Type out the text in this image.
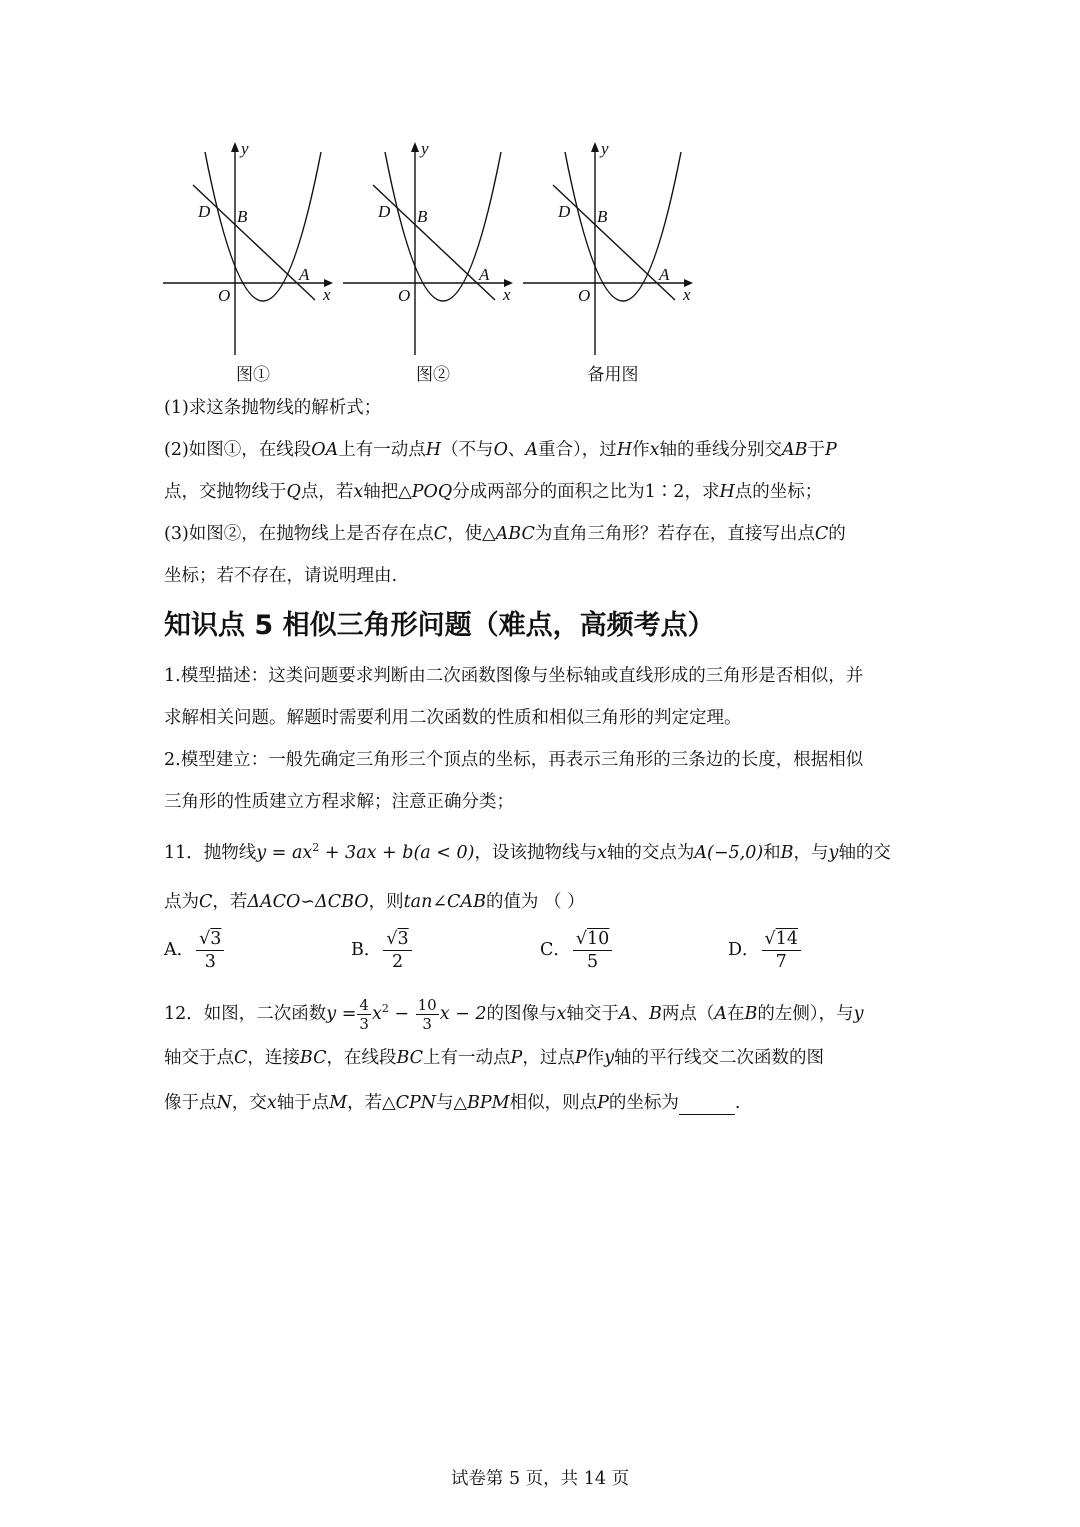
y
x
O
A
B
D
图①
y
x
O
A
B
D
图②
y
x
O
A
B
D
备用图
(1)求这条抛物线的解析式；
(2)如图①，在线段OA上有一动点H（不与O、A重合），过H作x轴的垂线分别交AB于P
点，交抛物线于Q点，若x轴把△POQ分成两部分的面积之比为1∶2，求H点的坐标；
(3)如图②，在抛物线上是否存在点C，使△ABC为直角三角形？若存在，直接写出点C的
坐标；若不存在，请说明理由.
知识点 5 相似三角形问题（难点，高频考点）
1.模型描述：这类问题要求判断由二次函数图像与坐标轴或直线形成的三角形是否相似，并
求解相关问题。解题时需要利用二次函数的性质和相似三角形的判定定理。
2.模型建立：一般先确定三角形三个顶点的坐标，再表示三角形的三条边的长度，根据相似
三角形的性质建立方程求解；注意正确分类；
11．抛物线$y = ax^2 + 3ax + b(a < 0)$，设该抛物线与x轴的交点为A(−5,0)和B，与y轴的交
点为C，若ΔACO∽ΔCBO，则tan∠CAB的值为 （ ）
A． $\frac{√3}{3}$	B． $\frac{√3}{2}$	C． $\frac{√10}{5}$	D． $\frac{√14}{7}$
12．如图，二次函数$y = \frac{4}{3} x^2 - \frac{10}{3}$ x − 2的图像与x轴交于A、B两点（A在B的左侧），与y
轴交于点C，连接BC，在线段BC上有一动点P，过点P作y轴的平行线交二次函数的图
像于点N，交x轴于点M，若△CPN与△BPM相似，则点P的坐标为	.
试卷第 5 页，共 14 页
